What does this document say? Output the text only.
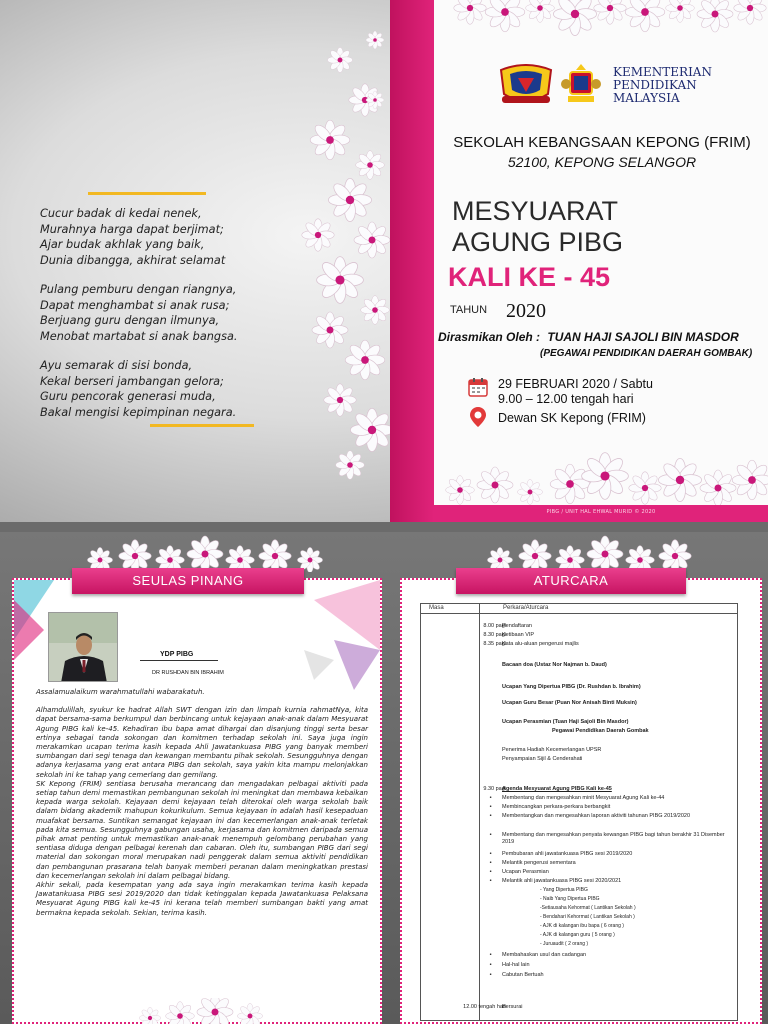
Cucur badak di kedai nenek,
Murahnya harga dapat berjimat;
Ajar budak akhlak yang baik,
Dunia dibangga, akhirat selamat
Pulang pemburu dengan riangnya,
Dapat menghambat si anak rusa;
Berjuang guru dengan ilmunya,
Menobat martabat si anak bangsa.
Ayu semarak di sisi bonda,
Kekal berseri jambangan gelora;
Guru pencorak generasi muda,
Bakal mengisi kepimpinan negara.
PIBG / UNIT HAL EHWAL MURID © 2020
KEMENTERIAN
PENDIDIKAN
MALAYSIA
SEKOLAH KEBANGSAAN KEPONG (FRIM)
52100, KEPONG SELANGOR
MESYUARAT
AGUNG PIBG
KALI KE - 45
TAHUN 2020
Dirasmikan Oleh : TUAN HAJI SAJOLI BIN MASDOR
(PEGAWAI PENDIDIKAN DAERAH GOMBAK)
29 FEBRUARI 2020 / Sabtu
9.00 – 12.00 tengah hari
Dewan SK Kepong (FRIM)
SEULAS PINANG	ATURCARA
YDP PIBG
DR RUSHDAN BIN IBRAHIM

Assalamualaikum warahmatullahi wabarakatuh.

Alhamdulillah, syukur ke hadrat Allah SWT dengan izin dan limpah kurnia rahmatNya, kita dapat bersama-sama berkumpul dan berbincang untuk kejayaan anak-anak dalam Mesyuarat Agung PIBG kali ke-45. Kehadiran ibu bapa amat dihargai dan disanjung tinggi serta besar ertinya sebagai tanda sokongan dan komitmen terhadap sekolah ini. Saya juga ingin merakamkan ucapan terima kasih kepada Ahli Jawatankuasa PIBG yang banyak memberi sumbangan dari segi tenaga dan kewangan membantu pihak sekolah. Sesungguhnya dengan adanya kerjasama yang erat antara PIBG dan sekolah, saya yakin kita mampu melonjakkan sekolah ini ke tahap yang cemerlang dan gemilang.

SK Kepong (FRIM) sentiasa berusaha merancang dan mengadakan pelbagai aktiviti pada setiap tahun demi memastikan pembangunan sekolah ini meningkat dan membawa kebaikan kepada warga sekolah. Kejayaan demi kejayaan telah diterokai oleh warga sekolah baik dalam bidang akademik mahupun kokurikulum. Semua kejayaan in adalah hasil kesepaduan muafakat bersama. Suntikan semangat kejayaan ini dan kecemerlangan anak-anak terletak pada kita semua. Sesungguhnya gabungan usaha, kerjasama dan komitmen daripada semua pihak amat penting untuk memastikan anak-anak menempuh gelombang perubahan yang sentiasa diduga dengan pelbagai kerenah dan cabaran. Oleh itu, sumbangan PIBG dari segi material dan sokongan moral merupakan nadi penggerak dalam semua aktiviti pendidikan dan pembangunan prasarana telah banyak memberi peranan dalam meningkatkan prestasi dan kecemerlangan sekolah ini dalam pelbagai bidang.

Akhir sekali, pada kesempatan yang ada saya ingin merakamkan terima kasih kepada Jawatankuasa PIBG sesi 2019/2020 dan tidak ketinggalan kepada Jawatankuasa Pelaksana Mesyuarat Agung PIBG kali ke-45 ini kerana telah memberi sumbangan bakti yang amat bermakna kepada sekolah. Sekian, terima kasih.

Masa	Perkara/Aturcara
8.00 pagi
Pendaftaran
8.30 pagi
Ketibaan VIP
8.35 pagi
Kata alu-aluan pengerusi majlis
Bacaan doa (Ustaz Nor Najman b. Daud)
Ucapan Yang Dipertua PIBG (Dr. Rushdan b. Ibrahim)
Ucapan Guru Besar (Puan Nor Anisah Binti Muksin)
Ucapan Perasmian (Tuan Haji Sajoli Bin Masdor)
Pegawai Pendidikan Daerah Gombak
Penerima Hadiah Kecemerlangan UPSR
Penyampaian Sijil & Cenderahati
9.30 pagi
Agenda Mesyuarat Agung PIBG Kali ke-45
• Membentang dan mengesahkan minit Mesyuarat Agung Kali ke-44
• Membincangkan perkara-perkara berbangkit
• Membentangkan dan mengesahkan laporan aktiviti tahunan PIBG 2019/2020
• Membentang dan mengesahkan penyata kewangan PIBG bagi tahun berakhir 31 Disember 2019
• Pembubaran ahli jawatankuasa PIBG sesi 2019/2020
• Melantik pengerusi sementara
• Ucapan Perasmian
• Melantik ahli jawatankuasa PIBG sesi 2020/2021
- Yang Dipertua PIBG
- Naib Yang Dipertua PIBG
-Setiausaha Kehormat ( Lantikan Sekolah )
- Bendahari Kehormat ( Lantikan Sekolah )
- AJK di kalangan ibu bapa ( 6 orang )
- AJK di kalangan guru ( 5 orang )
- Juruaudit ( 2 orang )
• Membahaskan usul dan cadangan
• Hal-hal lain
• Cabutan Bertuah
12.00 tengah hari
Bersurai
